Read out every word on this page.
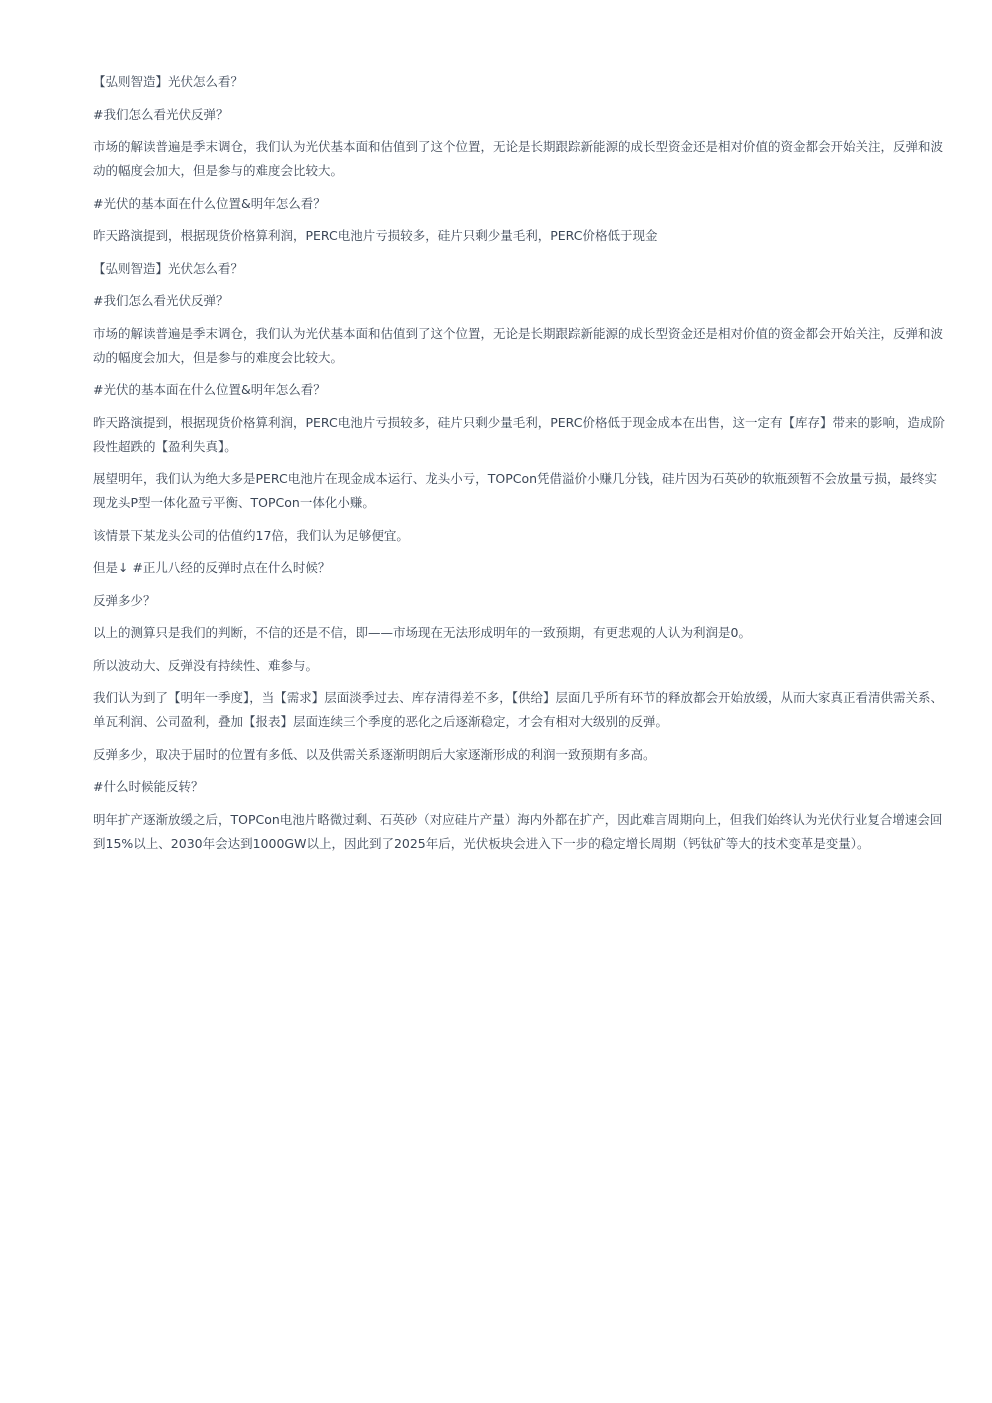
【弘则智造】光伏怎么看？

#我们怎么看光伏反弹？

市场的解读普遍是季末调仓，我们认为光伏基本面和估值到了这个位置，无论是长期跟踪新能源的成长型资金还是相对价值的资金都会开始关注，反弹和波动的幅度会加大，但是参与的难度会比较大。

#光伏的基本面在什么位置&明年怎么看？

昨天路演提到，根据现货价格算利润，PERC电池片亏损较多，硅片只剩少量毛利，PERC价格低于现金

【弘则智造】光伏怎么看？

#我们怎么看光伏反弹？

市场的解读普遍是季末调仓，我们认为光伏基本面和估值到了这个位置，无论是长期跟踪新能源的成长型资金还是相对价值的资金都会开始关注，反弹和波动的幅度会加大，但是参与的难度会比较大。

#光伏的基本面在什么位置&明年怎么看？

昨天路演提到，根据现货价格算利润，PERC电池片亏损较多，硅片只剩少量毛利，PERC价格低于现金成本在出售，这一定有【库存】带来的影响，造成阶段性超跌的【盈利失真】。

展望明年，我们认为绝大多是PERC电池片在现金成本运行、龙头小亏，TOPCon凭借溢价小赚几分钱，硅片因为石英砂的软瓶颈暂不会放量亏损，最终实现龙头P型一体化盈亏平衡、TOPCon一体化小赚。

该情景下某龙头公司的估值约17倍，我们认为足够便宜。

但是↓ #正儿八经的反弹时点在什么时候？

反弹多少？

以上的测算只是我们的判断，不信的还是不信，即——市场现在无法形成明年的一致预期，有更悲观的人认为利润是0。

所以波动大、反弹没有持续性、难参与。

我们认为到了【明年一季度】，当【需求】层面淡季过去、库存清得差不多，【供给】层面几乎所有环节的释放都会开始放缓，从而大家真正看清供需关系、单瓦利润、公司盈利，叠加【报表】层面连续三个季度的恶化之后逐渐稳定，才会有相对大级别的反弹。

反弹多少，取决于届时的位置有多低、以及供需关系逐渐明朗后大家逐渐形成的利润一致预期有多高。

#什么时候能反转？

明年扩产逐渐放缓之后，TOPCon电池片略微过剩、石英砂（对应硅片产量）海内外都在扩产，因此难言周期向上，但我们始终认为光伏行业复合增速会回到15%以上、2030年会达到1000GW以上，因此到了2025年后，光伏板块会进入下一步的稳定增长周期（钙钛矿等大的技术变革是变量）。
